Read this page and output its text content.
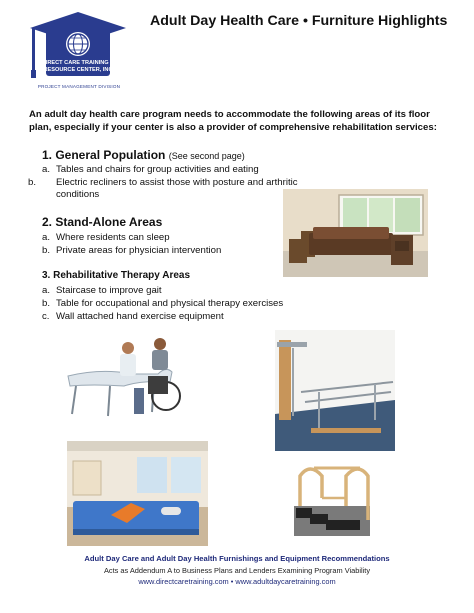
DIRECT CARE TRAINING &
RESOURCE CENTER, INC
PROJECT MANAGEMENT DIVISION
Adult Day Health Care • Furniture Highlights
An adult day health care program needs to accommodate the following areas of its floor plan, especially if your center is also a provider of comprehensive rehabilitation services:
1. General Population (See second page)
a. Tables and chairs for group activities and eating
b. Electric recliners to assist those with posture and arthritic conditions
2. Stand-Alone Areas
a. Where residents can sleep
b. Private areas for physician intervention
3. Rehabilitative Therapy Areas
a. Staircase to improve gait
b. Table for occupational and physical therapy exercises
c. Wall attached hand exercise equipment
Adult Day Care and Adult Day Health Furnishings and Equipment Recommendations
Acts as Addendum A to Business Plans and Lenders Examining Program Viability
www.directcaretraining.com • www.adultdaycaretraining.com
